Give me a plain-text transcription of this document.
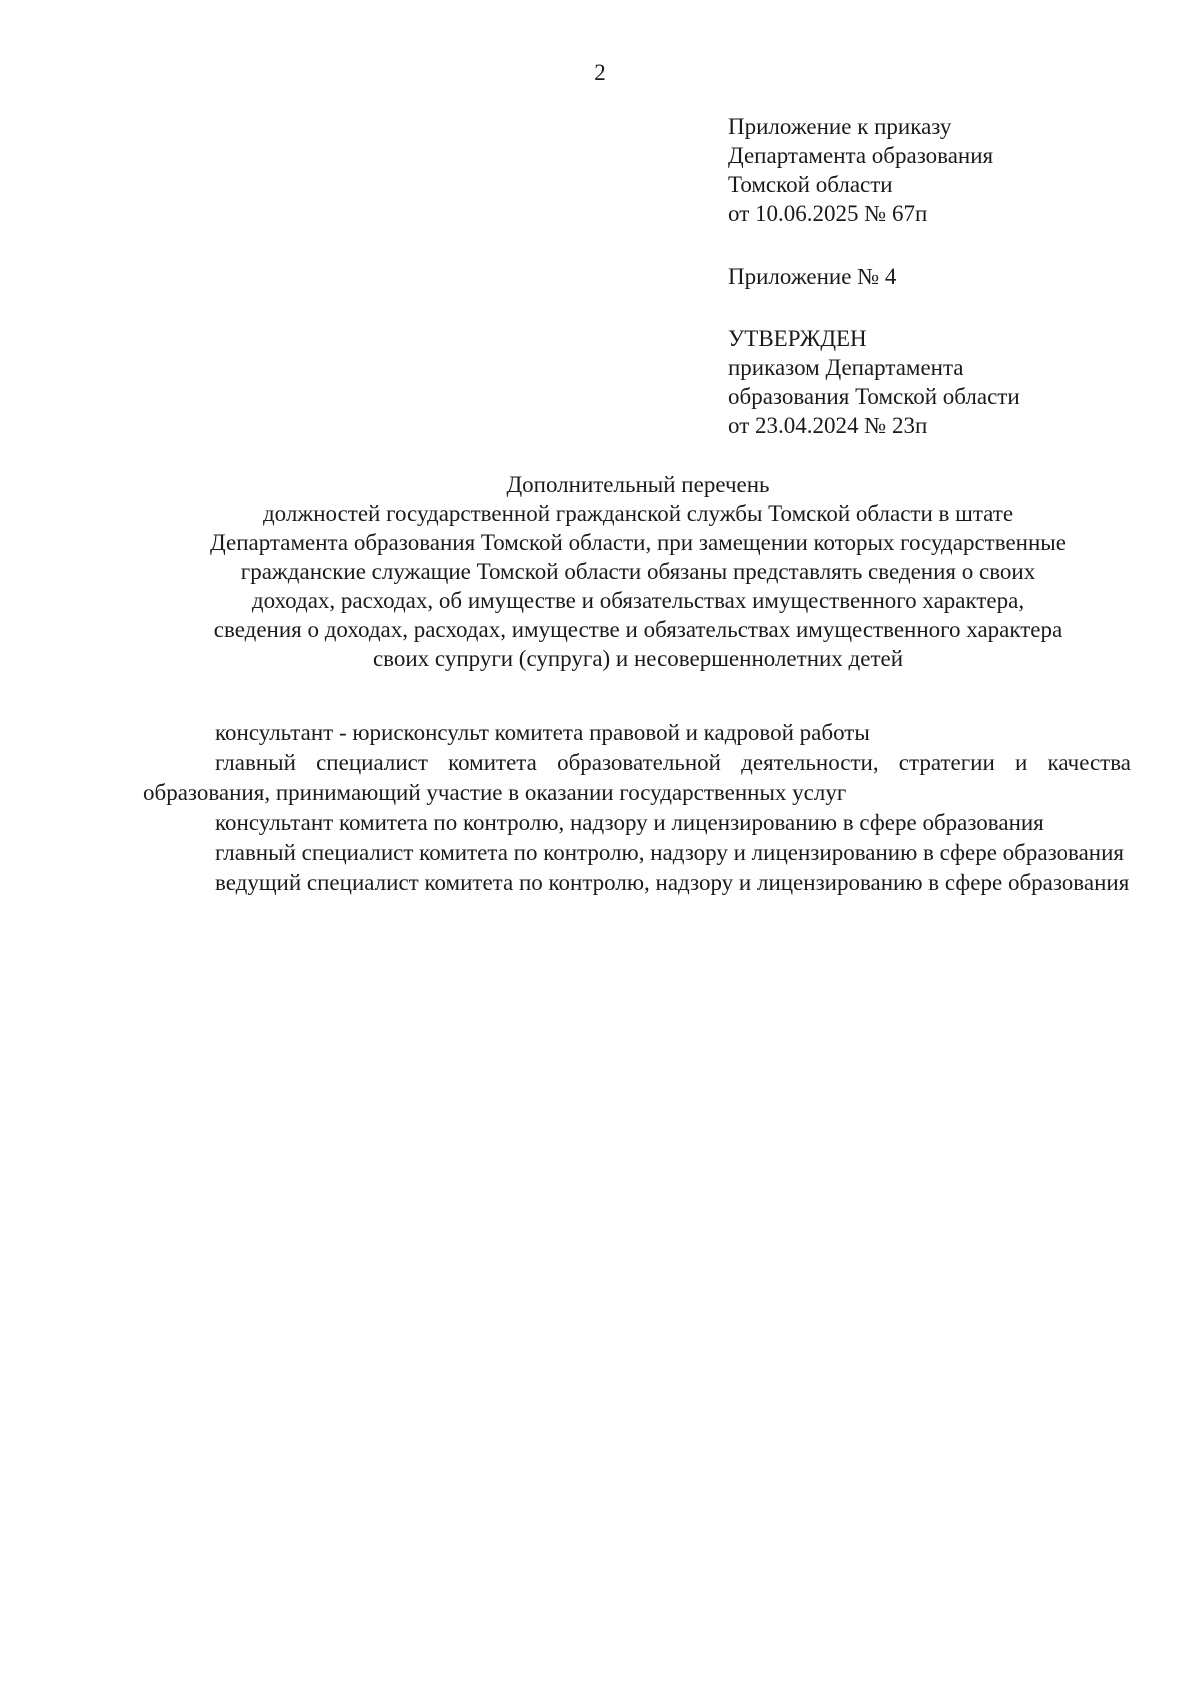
2
Приложение к приказу
Департамента образования
Томской области
от 10.06.2025 № 67п
Приложение № 4
УТВЕРЖДЕН
приказом Департамента
образования Томской области
от 23.04.2024 № 23п
Дополнительный перечень
должностей государственной гражданской службы Томской области в штате
Департамента образования Томской области, при замещении которых государственные
гражданские служащие Томской области обязаны представлять сведения о своих
доходах, расходах, об имуществе и обязательствах имущественного характера,
сведения о доходах, расходах, имуществе и обязательствах имущественного характера
своих супруги (супруга) и несовершеннолетних детей

консультант - юрисконсульт комитета правовой и кадровой работы

главный специалист комитета образовательной деятельности, стратегии и качества образования, принимающий участие в оказании государственных услуг

консультант комитета по контролю, надзору и лицензированию в сфере образования

главный специалист комитета по контролю, надзору и лицензированию в сфере образования

ведущий специалист комитета по контролю, надзору и лицензированию в сфере образования
